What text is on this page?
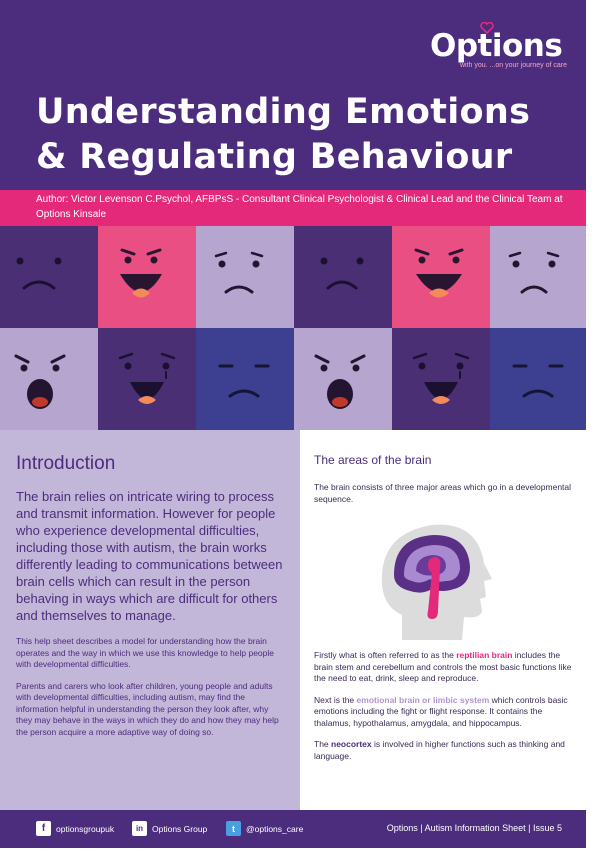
Options
with you. ...on your journey of care
Understanding Emotions
& Regulating Behaviour
Author: Victor Levenson C.Psychol, AFBPsS - Consultant Clinical Psychologist & Clinical Lead and the Clinical Team at Options Kinsale
Introduction

The brain relies on intricate wiring to process and transmit information. However for people who experience developmental difficulties, including those with autism, the brain works differently leading to communications between brain cells which can result in the person behaving in ways which are difficult for others and themselves to manage.

This help sheet describes a model for understanding how the brain operates and the way in which we use this knowledge to help people with developmental difficulties.

Parents and carers who look after children, young people and adults with developmental difficulties, including autism, may find the information helpful in understanding the person they look after, why they may behave in the ways in which they do and how they may help the person acquire a more adaptive way of doing so.

The areas of the brain

The brain consists of three major areas which go in a developmental sequence.

Firstly what is often referred to as the reptilian brain includes the brain stem and cerebellum and controls the most basic functions like the need to eat, drink, sleep and reproduce.

Next is the emotional brain or limbic system which controls basic emotions including the fight or flight response. It contains the thalamus, hypothalamus, amygdala, and hippocampus.

The neocortex is involved in higher functions such as thinking and language.

f	optionsgroupuk	in	Options Group	t	@options_care	Options | Autism Information Sheet | Issue 5
